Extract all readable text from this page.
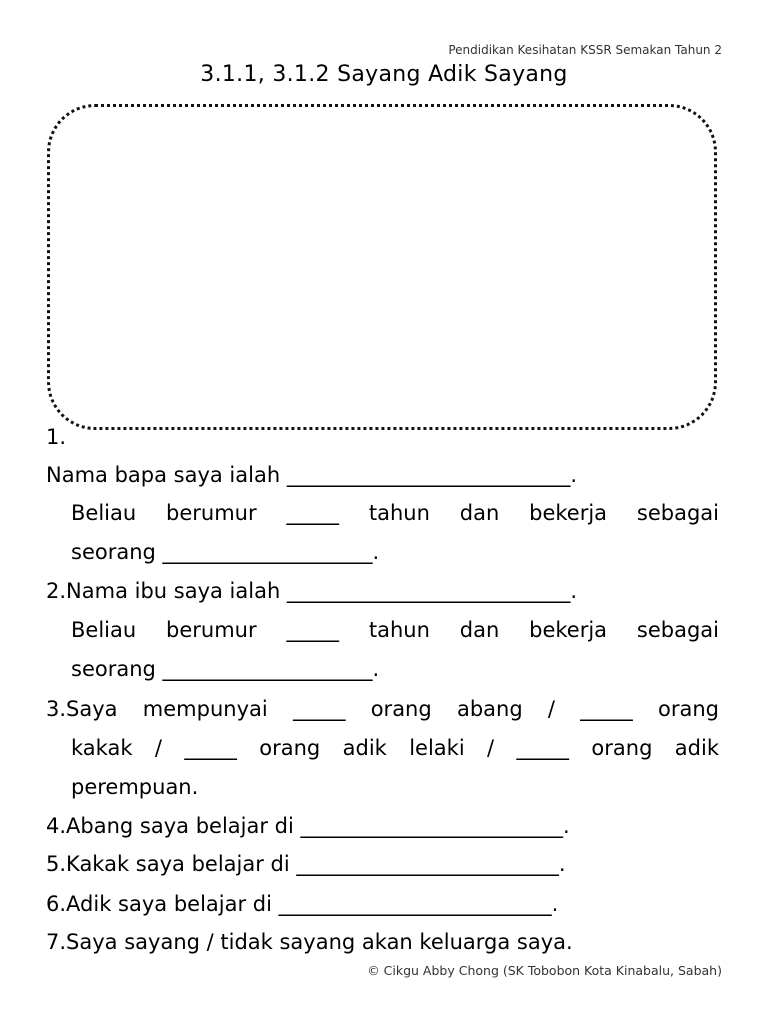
Pendidikan Kesihatan KSSR Semakan Tahun 2
3.1.1, 3.1.2 Sayang Adik Sayang
1.
Nama bapa saya ialah ___________________________.
Beliau berumur _____ tahun dan bekerja sebagai
seorang ____________________.
2.Nama ibu saya ialah ___________________________.
Beliau berumur _____ tahun dan bekerja sebagai
seorang ____________________.
3.Saya mempunyai _____ orang abang / _____ orang
kakak / _____ orang adik lelaki / _____ orang adik
perempuan.
4.Abang saya belajar di _________________________.
5.Kakak saya belajar di _________________________.
6.Adik saya belajar di __________________________.
7.Saya sayang / tidak sayang akan keluarga saya.
© Cikgu Abby Chong (SK Tobobon Kota Kinabalu, Sabah)
